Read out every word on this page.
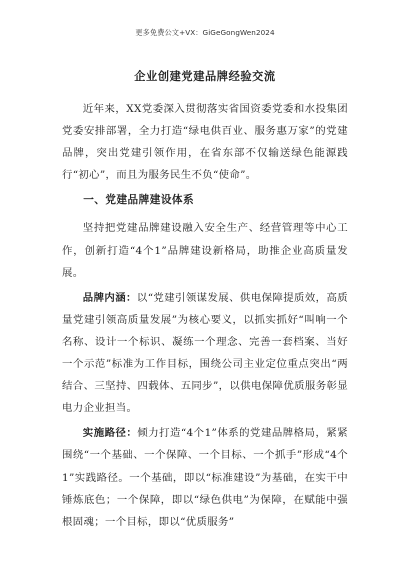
更多免费公文+VX：GiGeGongWen2024
企业创建党建品牌经验交流

近年来，XX党委深入贯彻落实省国资委党委和水投集团党委安排部署，全力打造“绿电供百业、服务惠万家”的党建品牌，突出党建引领作用，在省东部不仅输送绿色能源践行“初心”，而且为服务民生不负“使命”。

一、党建品牌建设体系

坚持把党建品牌建设融入安全生产、经营管理等中心工作，创新打造“4个1”品牌建设新格局，助推企业高质量发展。

品牌内涵：以“党建引领谋发展、供电保障提质效，高质量党建引领高质量发展”为核心要义，以抓实抓好“叫响一个名称、设计一个标识、凝练一个理念、完善一套档案、当好一个示范”标准为工作目标，围绕公司主业定位重点突出“两结合、三坚持、四载体、五同步”，以供电保障优质服务彰显电力企业担当。

实施路径：倾力打造“4个1”体系的党建品牌格局，紧紧围绕“一个基础、一个保障、一个目标、一个抓手”形成“4个1”实践路径。一个基础，即以“标准建设”为基础，在实干中锤炼底色；一个保障，即以“绿色供电”为保障，在赋能中强根固魂；一个目标，即以“优质服务”
